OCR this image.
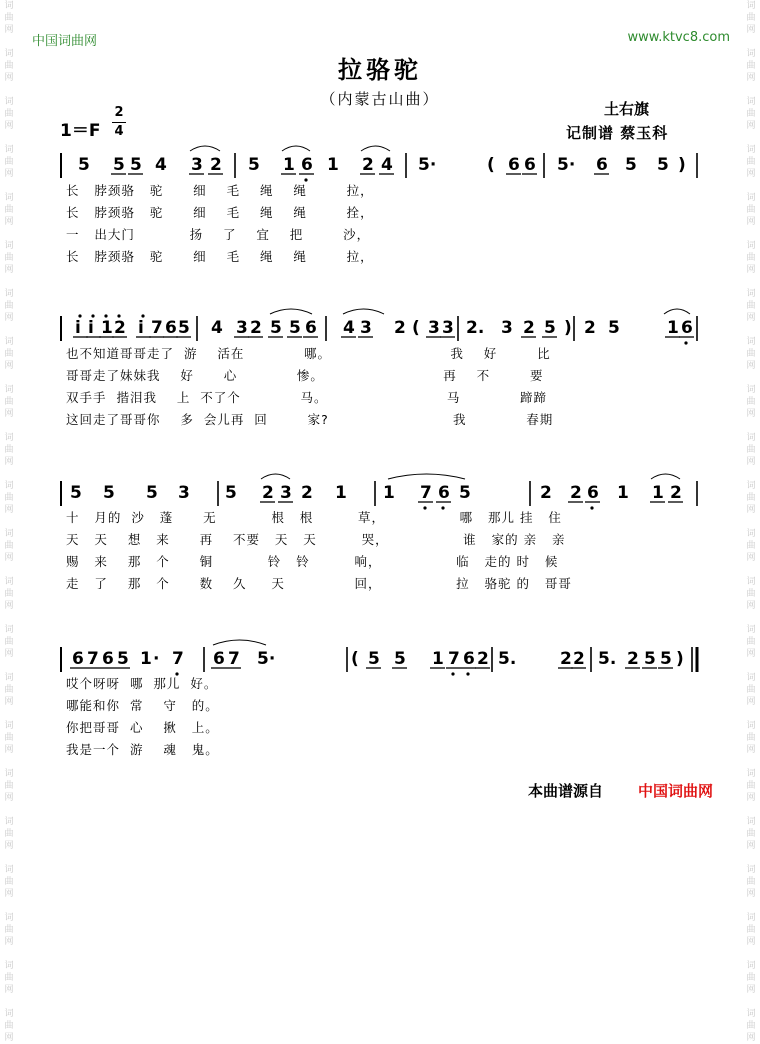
词
曲
网

词
曲
网

词
曲
网

词
曲
网

词
曲
网

词
曲
网

词
曲
网

词
曲
网

词
曲
网

词
曲
网

词
曲
网

词
曲
网

词
曲
网

词
曲
网

词
曲
网

词
曲
网

词
曲
网

词
曲
网

词
曲
网

词
曲
网

词
曲
网

词
曲
网

词
曲
网

词
曲
网

词
曲
网

词
曲
网

词
曲
网

词
曲
网

词
曲
网

词
曲
网

词
曲
网

词
曲
网

词
曲
网

词
曲
网

词
曲
网

词
曲
网

词
曲
网

词
曲
网

词
曲
网

词
曲
网

词
曲
网

词
曲
网

词
曲
网

词
曲
网

中国词曲网	www.ktvc8.com
拉骆驼
（内蒙古山曲）
1＝F
2
4
土右旗
记制谱 蔡玉科
5 5 5 4 3 2 5 1 6 1 2 4 5·	( 6 6 5· 6 5 5 )
i i 1 2 i 7 6 5 4 3 2 5 5 6 4 3 2 ( 3 3 2. 3 2 5 ) 2 5	1 6
5 5 5 3 5 2 3 2 1 1 7 6 5	2 2 6 1 1 2
6 7 6 5 1 · 7 6 7 5·	( 5 5 1 7 6 2 5.	2 2 5. 2 5 5 )
长   脖颈骆   驼      细    毛    绳    绳        拉，
长   脖颈骆   驼      细    毛    绳    绳        拴，
一   出大门           扬    了    宜    把        沙，
长   脖颈骆   驼      细    毛    绳    绳        拉，
也不知道哥哥走了  游    活在            哪。                        我    好        比
哥哥走了妹妹我    好      心            惨。                        再    不        要
双手手  揩泪我    上  不了个            马。                        马            蹄蹄
这回走了哥哥你    多  会儿再  回        家?                         我            春期
十   月的  沙   蓬      无           根   根         草，               哪   那儿 挂   住
天   天    想   来      再    不要   天   天         哭，               谁   家的 亲   亲
赐   来    那   个      铜           铃   铃         响，               临   走的 时   候
走   了    那   个      数    久     天              回，               拉   骆驼 的   哥哥
哎个呀呀  哪  那儿  好。
哪能和你  常    守   的。
你把哥哥  心    揪   上。
我是一个  游    魂   鬼。
本曲谱源自 中国词曲网
